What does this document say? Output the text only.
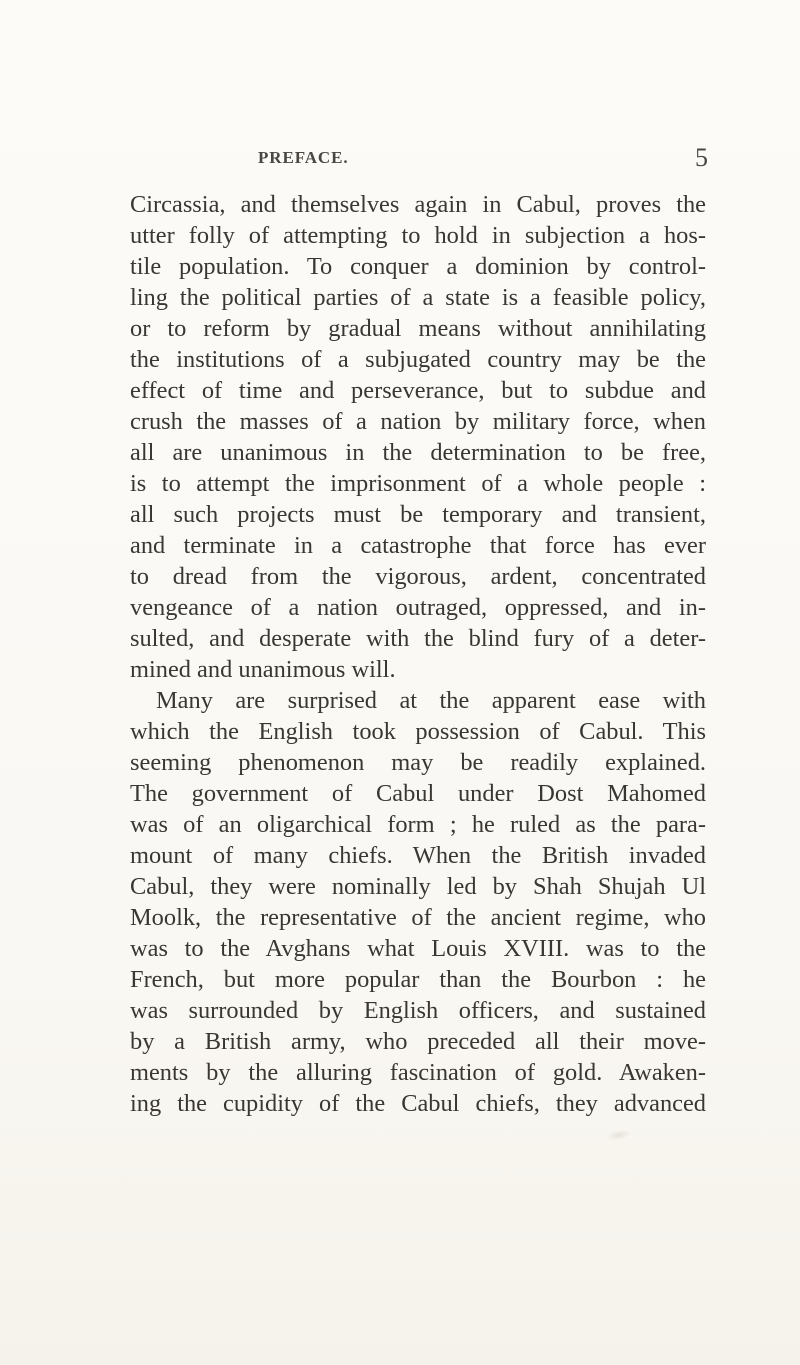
PREFACE.	5
Circassia, and themselves again in Cabul, proves the
utter folly of attempting to hold in subjection a hos-
tile population. To conquer a dominion by control-
ling the political parties of a state is a feasible policy,
or to reform by gradual means without annihilating
the institutions of a subjugated country may be the
effect of time and perseverance, but to subdue and
crush the masses of a nation by military force, when
all are unanimous in the determination to be free,
is to attempt the imprisonment of a whole people :
all such projects must be temporary and transient,
and terminate in a catastrophe that force has ever
to dread from the vigorous, ardent, concentrated
vengeance of a nation outraged, oppressed, and in-
sulted, and desperate with the blind fury of a deter-
mined and unanimous will.
Many are surprised at the apparent ease with
which the English took possession of Cabul. This
seeming phenomenon may be readily explained.
The government of Cabul under Dost Mahomed
was of an oligarchical form ; he ruled as the para-
mount of many chiefs. When the British invaded
Cabul, they were nominally led by Shah Shujah Ul
Moolk, the representative of the ancient regime, who
was to the Avghans what Louis XVIII. was to the
French, but more popular than the Bourbon : he
was surrounded by English officers, and sustained
by a British army, who preceded all their move-
ments by the alluring fascination of gold. Awaken-
ing the cupidity of the Cabul chiefs, they advanced
